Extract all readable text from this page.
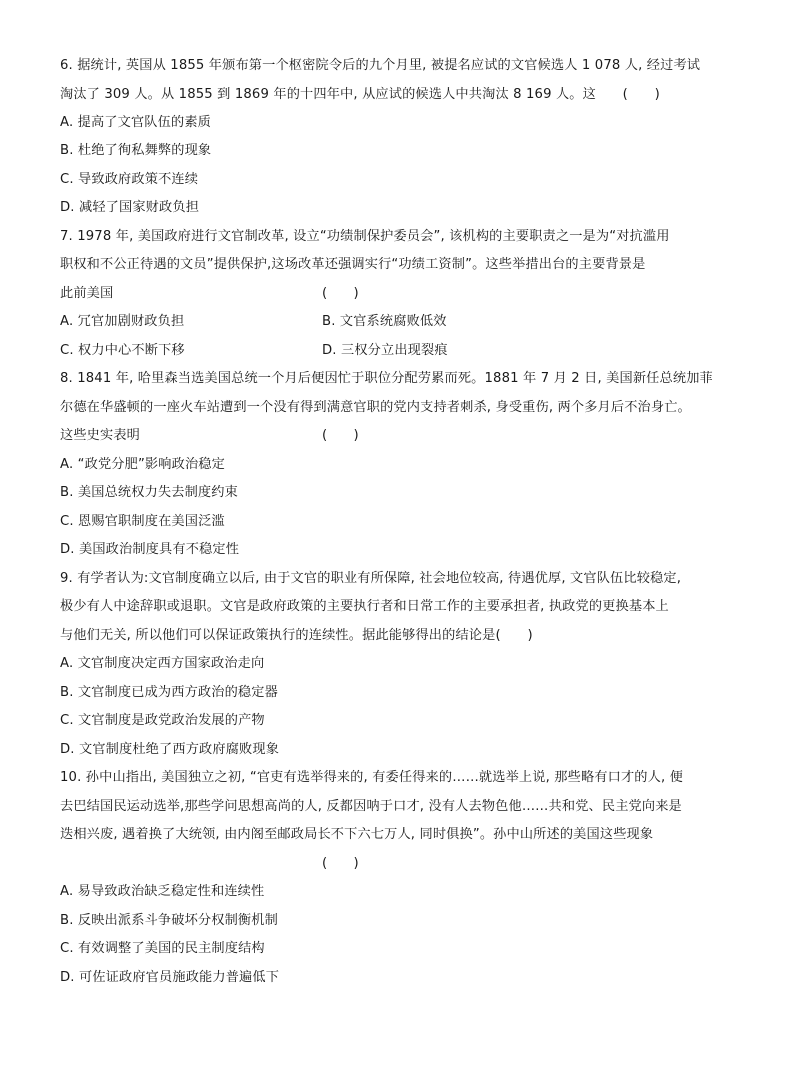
6. 据统计, 英国从 1855 年颁布第一个枢密院令后的九个月里, 被提名应试的文官候选人 1 078 人, 经过考试
淘汰了 309 人。从 1855 到 1869 年的十四年中, 从应试的候选人中共淘汰 8 169 人。这　　(　　)
A. 提高了文官队伍的素质
B. 杜绝了徇私舞弊的现象
C. 导致政府政策不连续
D. 减轻了国家财政负担
7. 1978 年, 美国政府进行文官制改革, 设立“功绩制保护委员会”, 该机构的主要职责之一是为“对抗滥用
职权和不公正待遇的文员”提供保护,这场改革还强调实行“功绩工资制”。这些举措出台的主要背景是
此前美国	(　　)
A. 冗官加剧财政负担	B. 文官系统腐败低效
C. 权力中心不断下移	D. 三权分立出现裂痕
8. 1841 年, 哈里森当选美国总统一个月后便因忙于职位分配劳累而死。1881 年 7 月 2 日, 美国新任总统加菲
尔德在华盛顿的一座火车站遭到一个没有得到满意官职的党内支持者刺杀, 身受重伤, 两个多月后不治身亡。
这些史实表明	(　　)
A. “政党分肥”影响政治稳定
B. 美国总统权力失去制度约束
C. 恩赐官职制度在美国泛滥
D. 美国政治制度具有不稳定性
9. 有学者认为:文官制度确立以后, 由于文官的职业有所保障, 社会地位较高, 待遇优厚, 文官队伍比较稳定,
极少有人中途辞职或退职。文官是政府政策的主要执行者和日常工作的主要承担者, 执政党的更换基本上
与他们无关, 所以他们可以保证政策执行的连续性。据此能够得出的结论是(　　)
A. 文官制度决定西方国家政治走向
B. 文官制度已成为西方政治的稳定器
C. 文官制度是政党政治发展的产物
D. 文官制度杜绝了西方政府腐败现象
10. 孙中山指出, 美国独立之初, “官吏有选举得来的, 有委任得来的……就选举上说, 那些略有口才的人, 便
去巴结国民运动选举,那些学问思想高尚的人, 反都因呐于口才, 没有人去物色他……共和党、民主党向来是
迭相兴废, 遇着换了大统领, 由内阁至邮政局长不下六七万人, 同时俱换”。孙中山所述的美国这些现象
(　　)
A. 易导致政治缺乏稳定性和连续性
B. 反映出派系斗争破坏分权制衡机制
C. 有效调整了美国的民主制度结构
D. 可佐证政府官员施政能力普遍低下
